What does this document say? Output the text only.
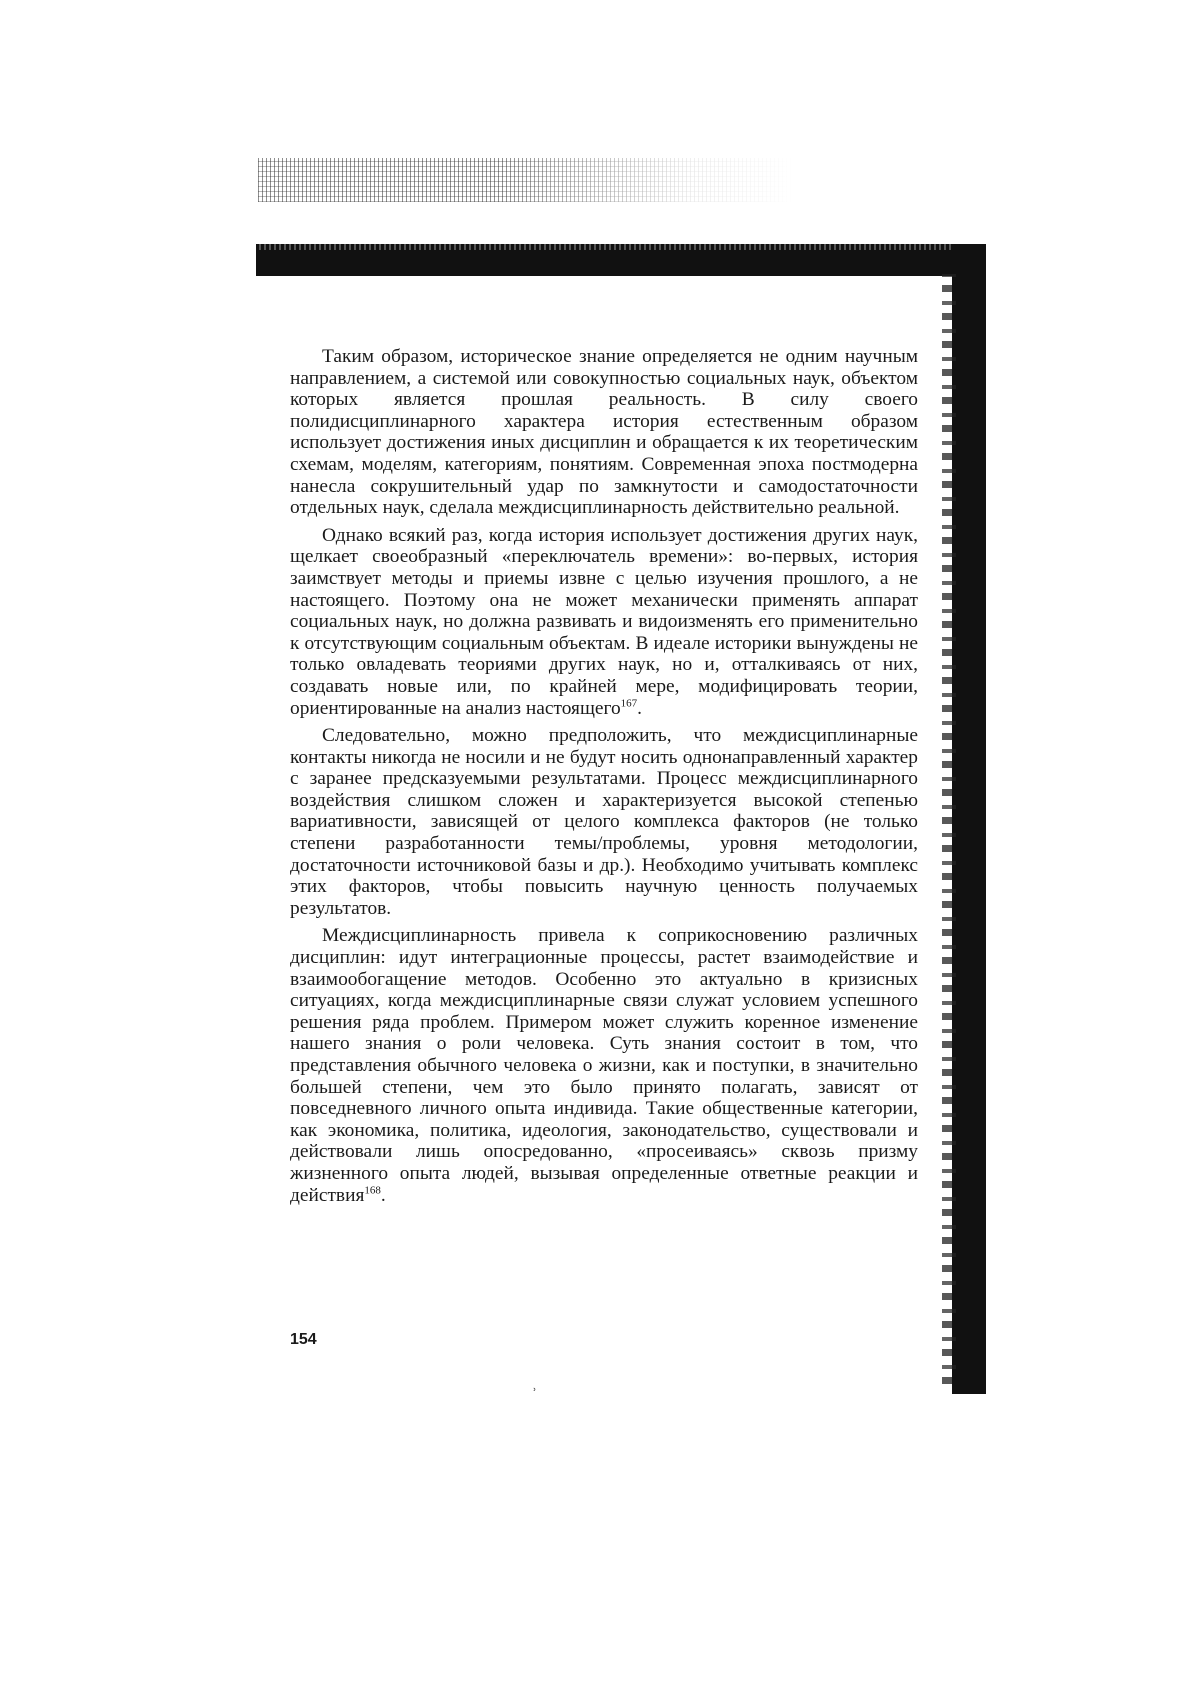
Таким образом, историческое знание определяется не одним научным направлением, а системой или совокупностью социальных наук, объектом которых является прошлая реальность. В силу своего полидисциплинарного характера история естественным образом использует достижения иных дисциплин и обращается к их теоретическим схемам, моделям, категориям, понятиям. Современная эпоха постмодерна нанесла сокрушительный удар по замкнутости и самодостаточности отдельных наук, сделала междисциплинарность действительно реальной.

Однако всякий раз, когда история использует достижения других наук, щелкает своеобразный «переключатель времени»: во-первых, история заимствует методы и приемы извне с целью изучения прошлого, а не настоящего. Поэтому она не может механически применять аппарат социальных наук, но должна развивать и видоизменять его применительно к отсутствующим социальным объектам. В идеале историки вынуждены не только овладевать теориями других наук, но и, отталкиваясь от них, создавать новые или, по крайней мере, модифицировать теории, ориентированные на анализ настоящего$^{167}$.

Следовательно, можно предположить, что междисциплинарные контакты никогда не носили и не будут носить однонаправленный характер с заранее предсказуемыми результатами. Процесс междисциплинарного воздействия слишком сложен и характеризуется высокой степенью вариативности, зависящей от целого комплекса факторов (не только степени разработанности темы/проблемы, уровня методологии, достаточности источниковой базы и др.). Необходимо учитывать комплекс этих факторов, чтобы повысить научную ценность получаемых результатов.

Междисциплинарность привела к соприкосновению различных дисциплин: идут интеграционные процессы, растет взаимодействие и взаимообогащение методов. Особенно это актуально в кризисных ситуациях, когда междисциплинарные связи служат условием успешного решения ряда проблем. Примером может служить коренное изменение нашего знания о роли человека. Суть знания состоит в том, что представления обычного человека о жизни, как и поступки, в значительно большей степени, чем это было принято полагать, зависят от повседневного личного опыта индивида. Такие общественные категории, как экономика, политика, идеология, законодательство, существовали и действовали лишь опосредованно, «просеиваясь» сквозь призму жизненного опыта людей, вызывая определенные ответные реакции и действия$^{168}$.

154
˒
